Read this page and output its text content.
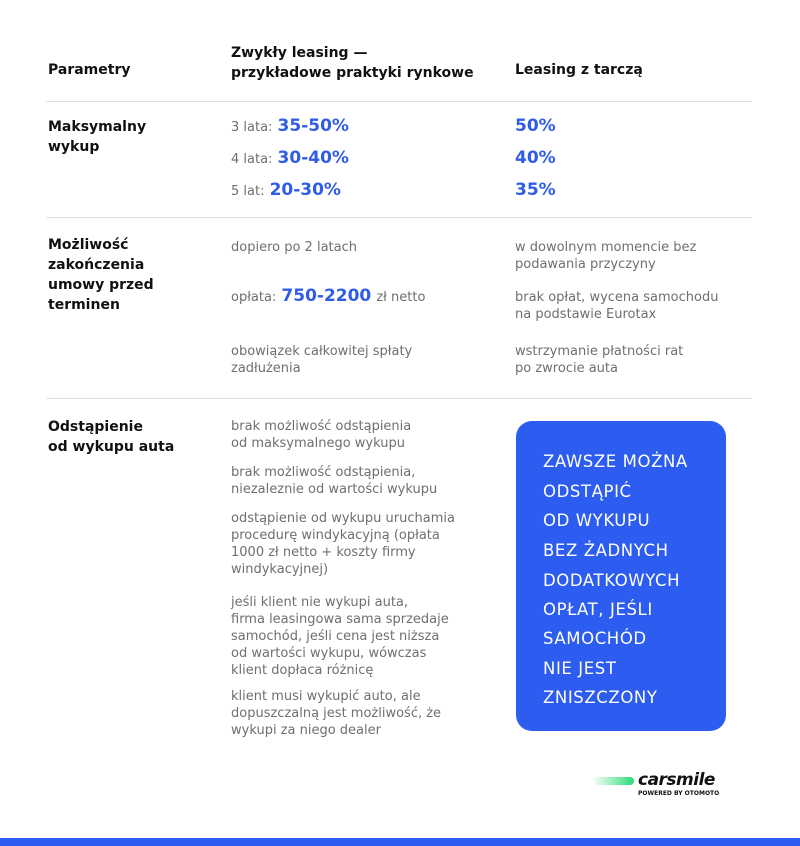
Parametry
Zwykły leasing —
przykładowe praktyki rynkowe	Leasing z tarczą
Maksymalny
wykup
3 lata: 35-50%
4 lata: 30-40%
5 lat: 20-30%
50%
40%
35%
Możliwość
zakończenia
umowy przed
terminen
dopiero po 2 latach
opłata: 750-2200 zł netto
obowiązek całkowitej spłaty
zadłużenia
w dowolnym momencie bez
podawania przyczyny
brak opłat, wycena samochodu
na podstawie Eurotax
wstrzymanie płatności rat
po zwrocie auta
Odstąpienie
od wykupu auta
brak możliwość odstąpienia
od maksymalnego wykupu
brak możliwość odstąpienia,
niezaleznie od wartości wykupu
odstąpienie od wykupu uruchamia
procedurę windykacyjną (opłata
1000 zł netto + koszty firmy
windykacyjnej)
jeśli klient nie wykupi auta,
firma leasingowa sama sprzedaje
samochód, jeśli cena jest niższa
od wartości wykupu, wówczas
klient dopłaca różnicę
klient musi wykupić auto, ale
dopuszczalną jest możliwość, że
wykupi za niego dealer
ZAWSZE MOŻNA
ODSTĄPIĆ
OD WYKUPU
BEZ ŻADNYCH
DODATKOWYCH
OPŁAT, JEŚLI
SAMOCHÓD
NIE JEST
ZNISZCZONY
carsmile
POWERED BY OTOMOTO
